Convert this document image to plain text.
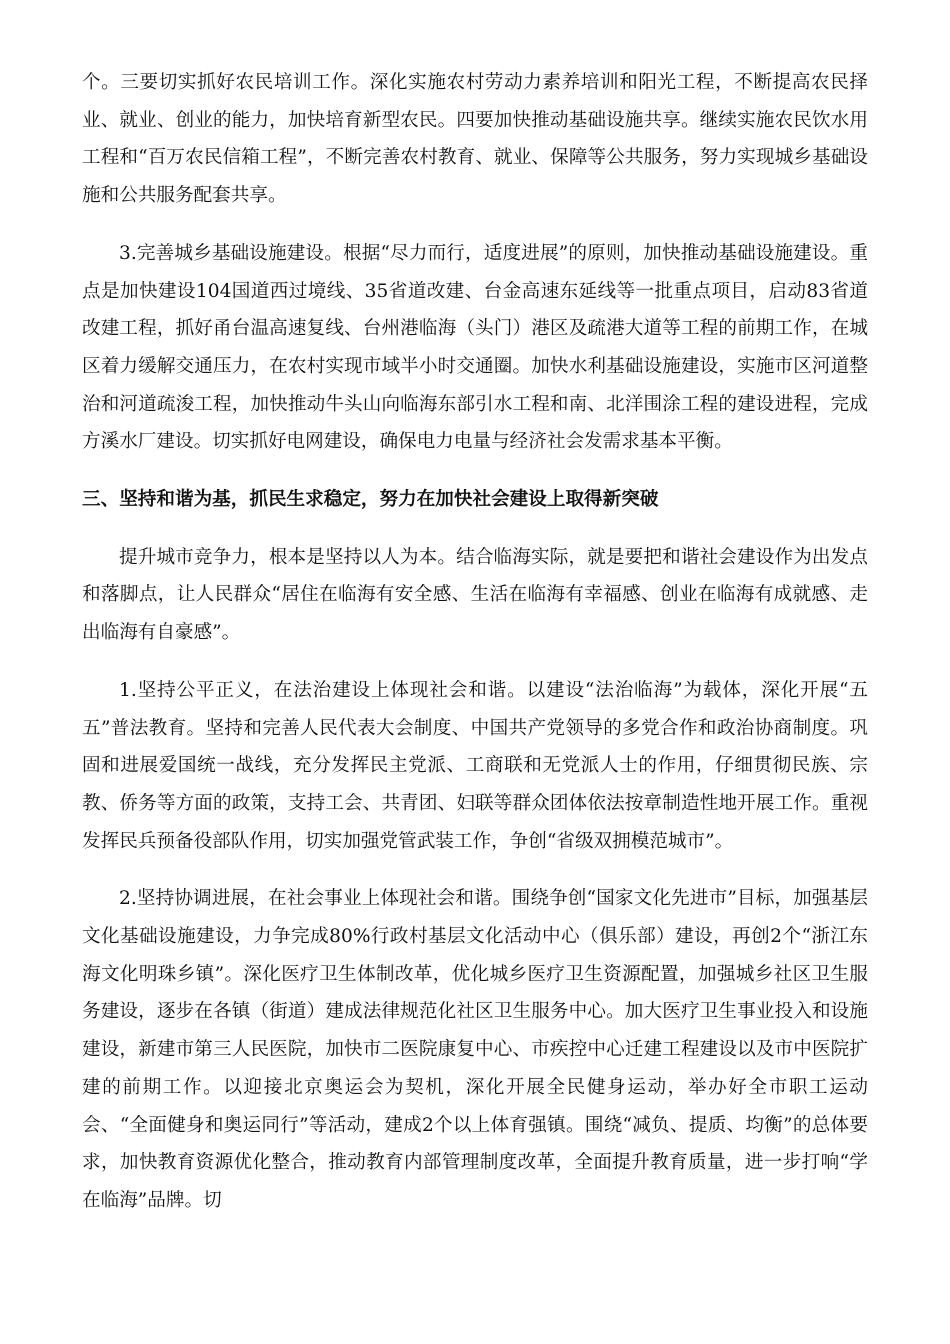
个。三要切实抓好农民培训工作。深化实施农村劳动力素养培训和阳光工程，不断提高农民择业、就业、创业的能力，加快培育新型农民。四要加快推动基础设施共享。继续实施农民饮水用工程和“百万农民信箱工程”，不断完善农村教育、就业、保障等公共服务，努力实现城乡基础设施和公共服务配套共享。

3.完善城乡基础设施建设。根据“尽力而行，适度进展”的原则，加快推动基础设施建设。重点是加快建设104国道西过境线、35省道改建、台金高速东延线等一批重点项目，启动83省道改建工程，抓好甬台温高速复线、台州港临海（头门）港区及疏港大道等工程的前期工作，在城区着力缓解交通压力，在农村实现市域半小时交通圈。加快水利基础设施建设，实施市区河道整治和河道疏浚工程，加快推动牛头山向临海东部引水工程和南、北洋围涂工程的建设进程，完成方溪水厂建设。切实抓好电网建设，确保电力电量与经济社会发需求基本平衡。

三、坚持和谐为基，抓民生求稳定，努力在加快社会建设上取得新突破

提升城市竞争力，根本是坚持以人为本。结合临海实际，就是要把和谐社会建设作为出发点和落脚点，让人民群众“居住在临海有安全感、生活在临海有幸福感、创业在临海有成就感、走出临海有自豪感”。

1.坚持公平正义，在法治建设上体现社会和谐。以建设“法治临海”为载体，深化开展“五五”普法教育。坚持和完善人民代表大会制度、中国共产党领导的多党合作和政治协商制度。巩固和进展爱国统一战线，充分发挥民主党派、工商联和无党派人士的作用，仔细贯彻民族、宗教、侨务等方面的政策，支持工会、共青团、妇联等群众团体依法按章制造性地开展工作。重视发挥民兵预备役部队作用，切实加强党管武装工作，争创“省级双拥模范城市”。

2.坚持协调进展，在社会事业上体现社会和谐。围绕争创“国家文化先进市”目标，加强基层文化基础设施建设，力争完成80%行政村基层文化活动中心（俱乐部）建设，再创2个“浙江东海文化明珠乡镇”。深化医疗卫生体制改革，优化城乡医疗卫生资源配置，加强城乡社区卫生服务建设，逐步在各镇（街道）建成法律规范化社区卫生服务中心。加大医疗卫生事业投入和设施建设，新建市第三人民医院，加快市二医院康复中心、市疾控中心迁建工程建设以及市中医院扩建的前期工作。以迎接北京奥运会为契机，深化开展全民健身运动，举办好全市职工运动会、“全面健身和奥运同行”等活动，建成2个以上体育强镇。围绕“减负、提质、均衡”的总体要求，加快教育资源优化整合，推动教育内部管理制度改革，全面提升教育质量，进一步打响“学在临海”品牌。切
